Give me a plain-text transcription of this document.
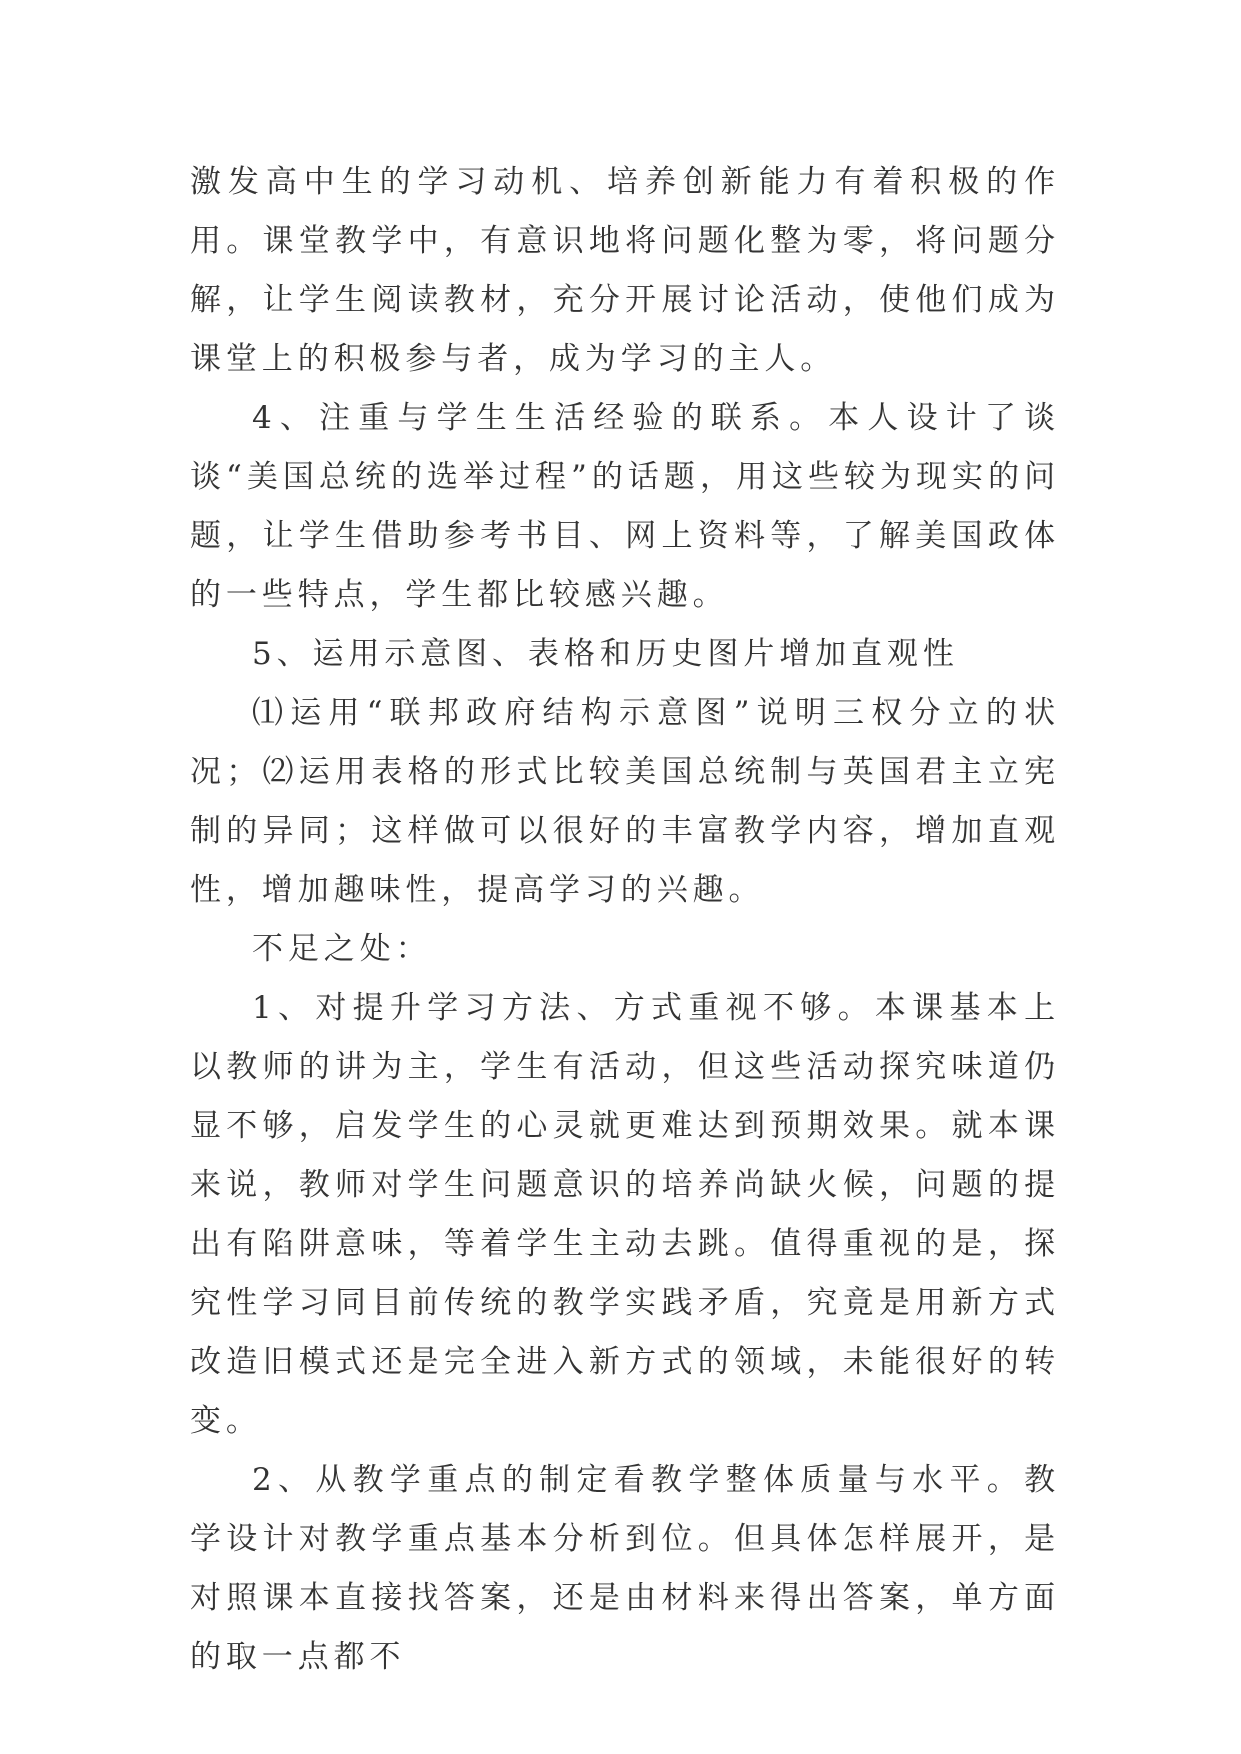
激发高中生的学习动机、培养创新能力有着积极的作用。课堂教学中，有意识地将问题化整为零，将问题分解，让学生阅读教材，充分开展讨论活动，使他们成为课堂上的积极参与者，成为学习的主人。

4、注重与学生生活经验的联系。本人设计了谈谈“美国总统的选举过程”的话题，用这些较为现实的问题，让学生借助参考书目、网上资料等，了解美国政体的一些特点，学生都比较感兴趣。

5、运用示意图、表格和历史图片增加直观性

⑴运用“联邦政府结构示意图”说明三权分立的状况；⑵运用表格的形式比较美国总统制与英国君主立宪制的异同；这样做可以很好的丰富教学内容，增加直观性，增加趣味性，提高学习的兴趣。

不足之处：

1、对提升学习方法、方式重视不够。本课基本上以教师的讲为主，学生有活动，但这些活动探究味道仍显不够，启发学生的心灵就更难达到预期效果。就本课来说，教师对学生问题意识的培养尚缺火候，问题的提出有陷阱意味，等着学生主动去跳。值得重视的是，探究性学习同目前传统的教学实践矛盾，究竟是用新方式改造旧模式还是完全进入新方式的领域，未能很好的转变。

2、从教学重点的制定看教学整体质量与水平。教学设计对教学重点基本分析到位。但具体怎样展开，是对照课本直接找答案，还是由材料来得出答案，单方面的取一点都不
